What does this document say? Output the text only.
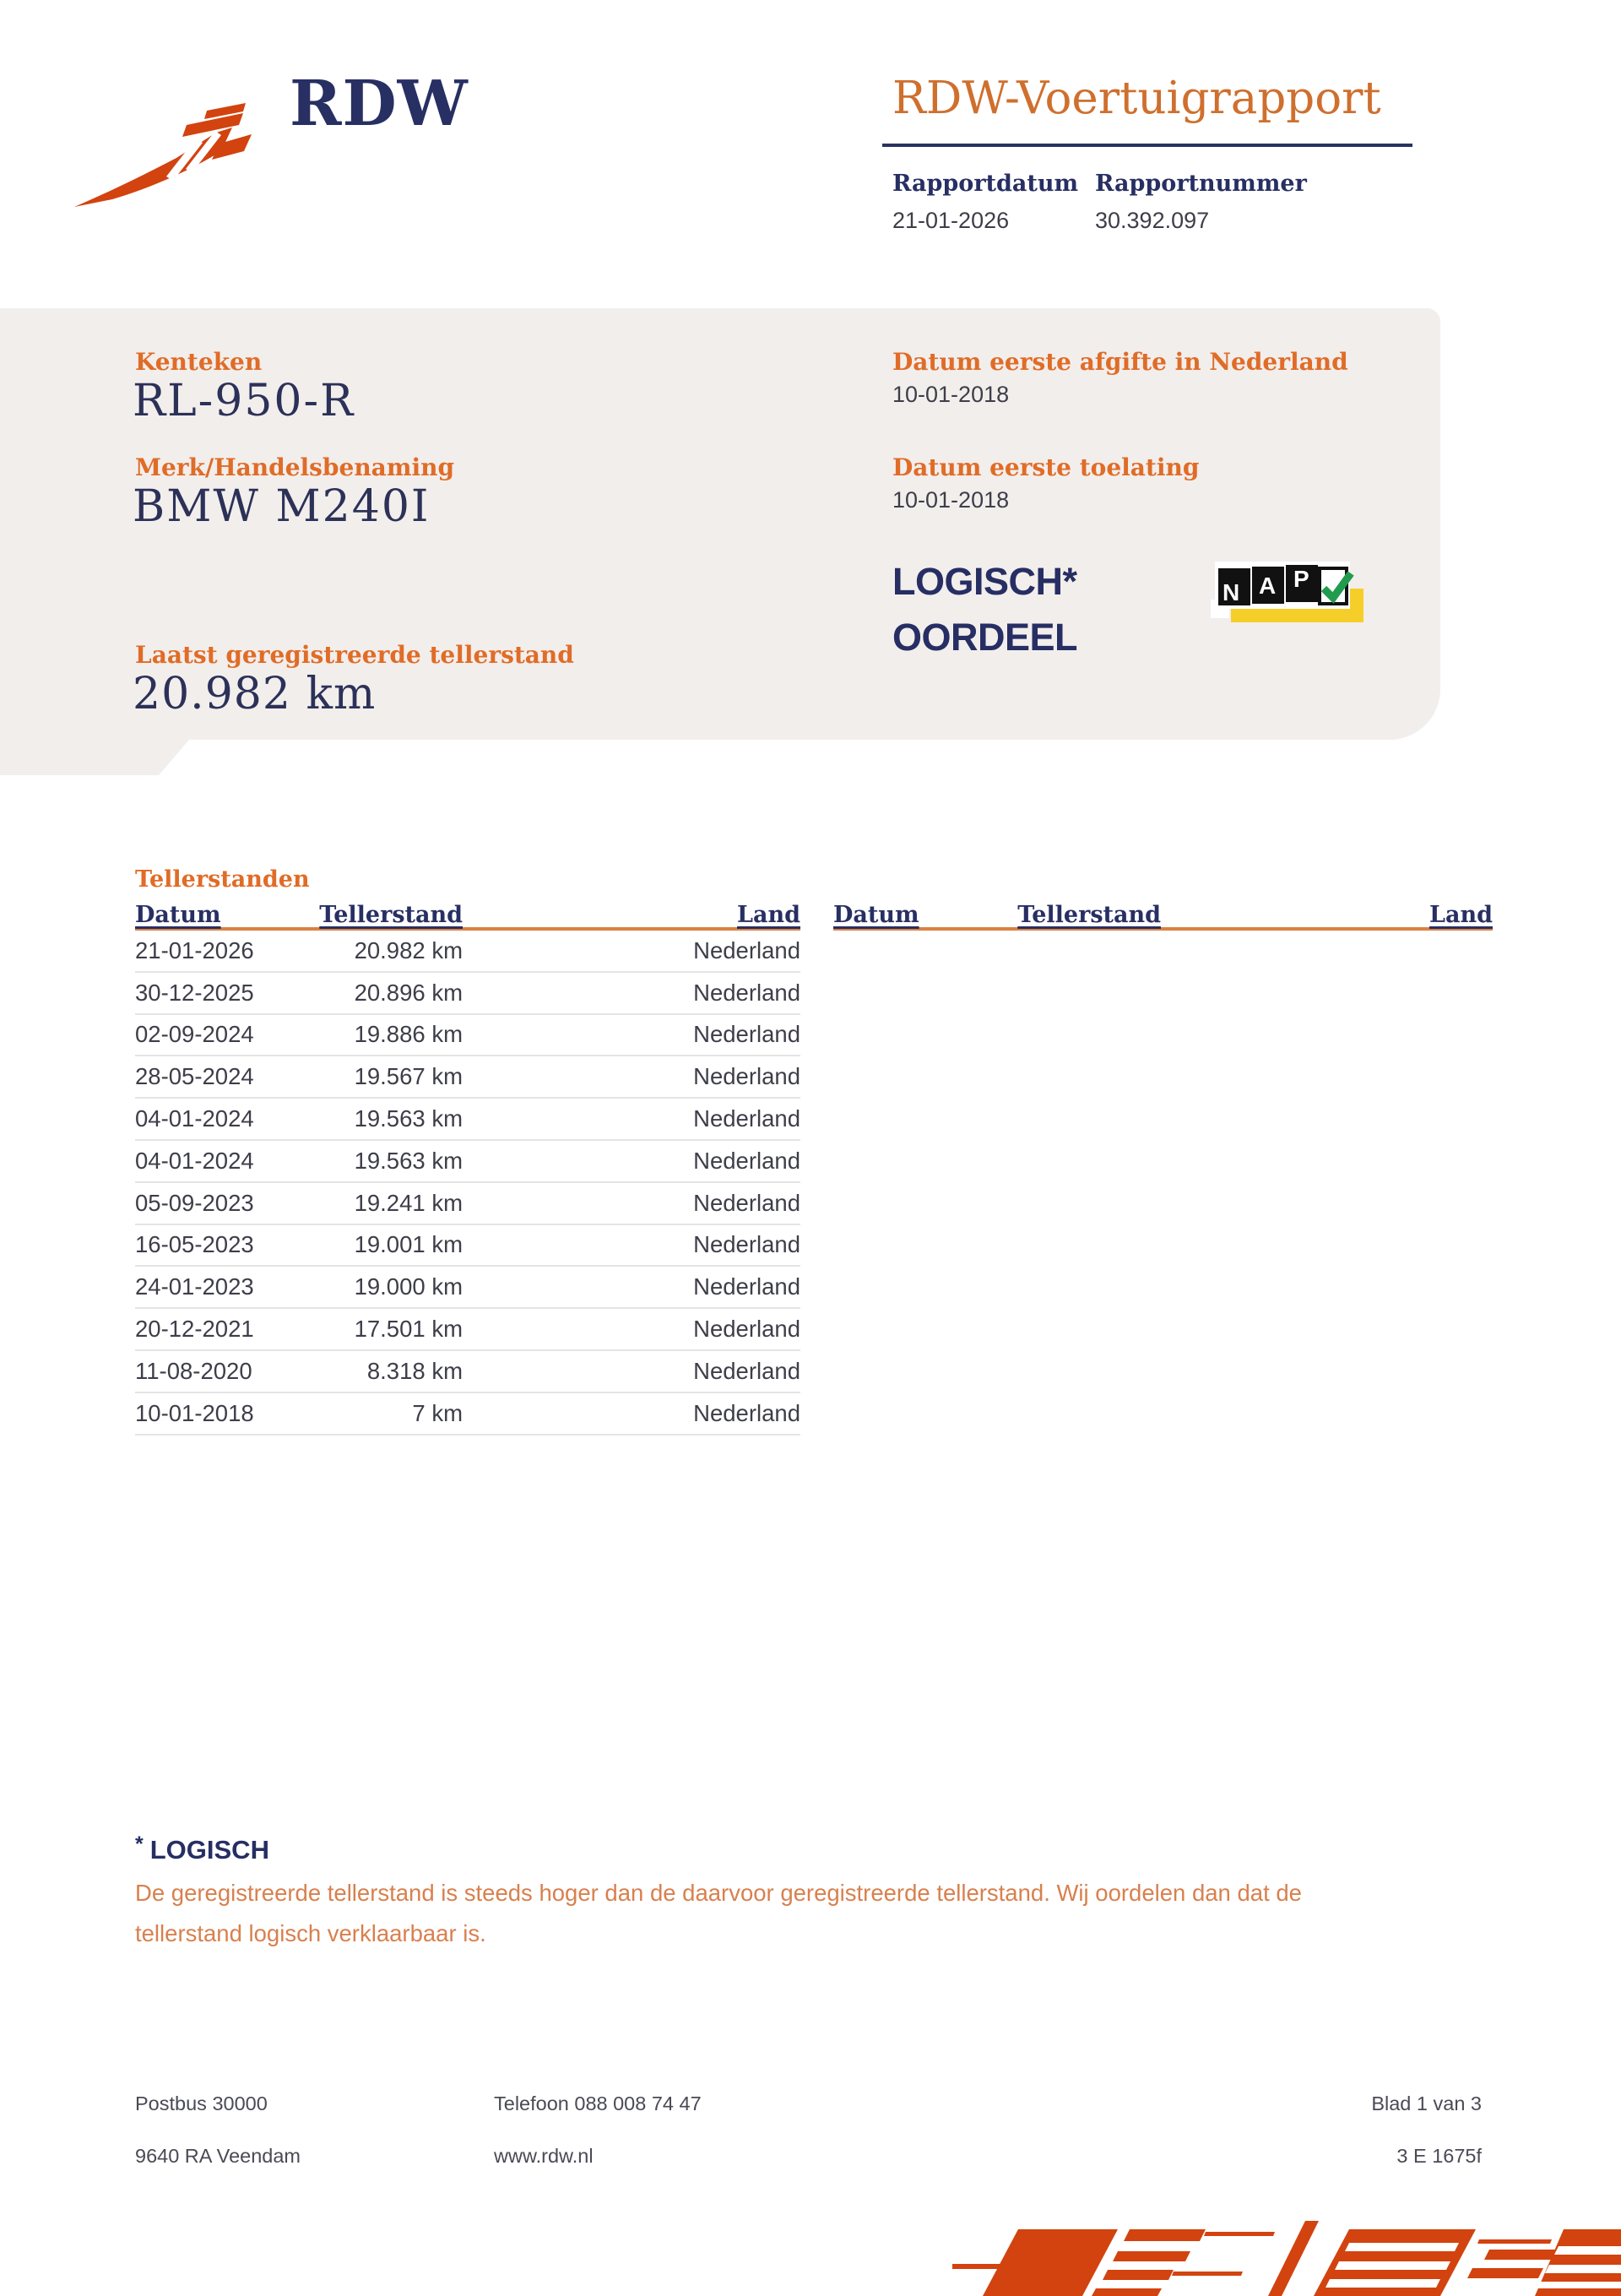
RDW	RDW-Voertuigrapport
Rapportdatum
21-01-2026
Rapportnummer
30.392.097
Kenteken
RL-950-R
Merk/Handelsbenaming
BMW M240I
Laatst geregistreerde tellerstand
20.982 km
Datum eerste afgifte in Nederland
10-01-2018
Datum eerste toelating
10-01-2018
LOGISCH*
OORDEEL
N A P
Tellerstanden
Datum	Tellerstand	Land
21-01-2026	20.982 km	Nederland
30-12-2025	20.896 km	Nederland
02-09-2024	19.886 km	Nederland
28-05-2024	19.567 km	Nederland
04-01-2024	19.563 km	Nederland
04-01-2024	19.563 km	Nederland
05-09-2023	19.241 km	Nederland
16-05-2023	19.001 km	Nederland
24-01-2023	19.000 km	Nederland
20-12-2021	17.501 km	Nederland
11-08-2020	8.318 km	Nederland
10-01-2018	7 km	Nederland
Datum	Tellerstand	Land
* LOGISCH
De geregistreerde tellerstand is steeds hoger dan de daarvoor geregistreerde tellerstand. Wij oordelen dan dat de
tellerstand logisch verklaarbaar is.
Postbus 30000
9640 RA Veendam
Telefoon 088 008 74 47
www.rdw.nl
Blad 1 van 3
3 E 1675f
